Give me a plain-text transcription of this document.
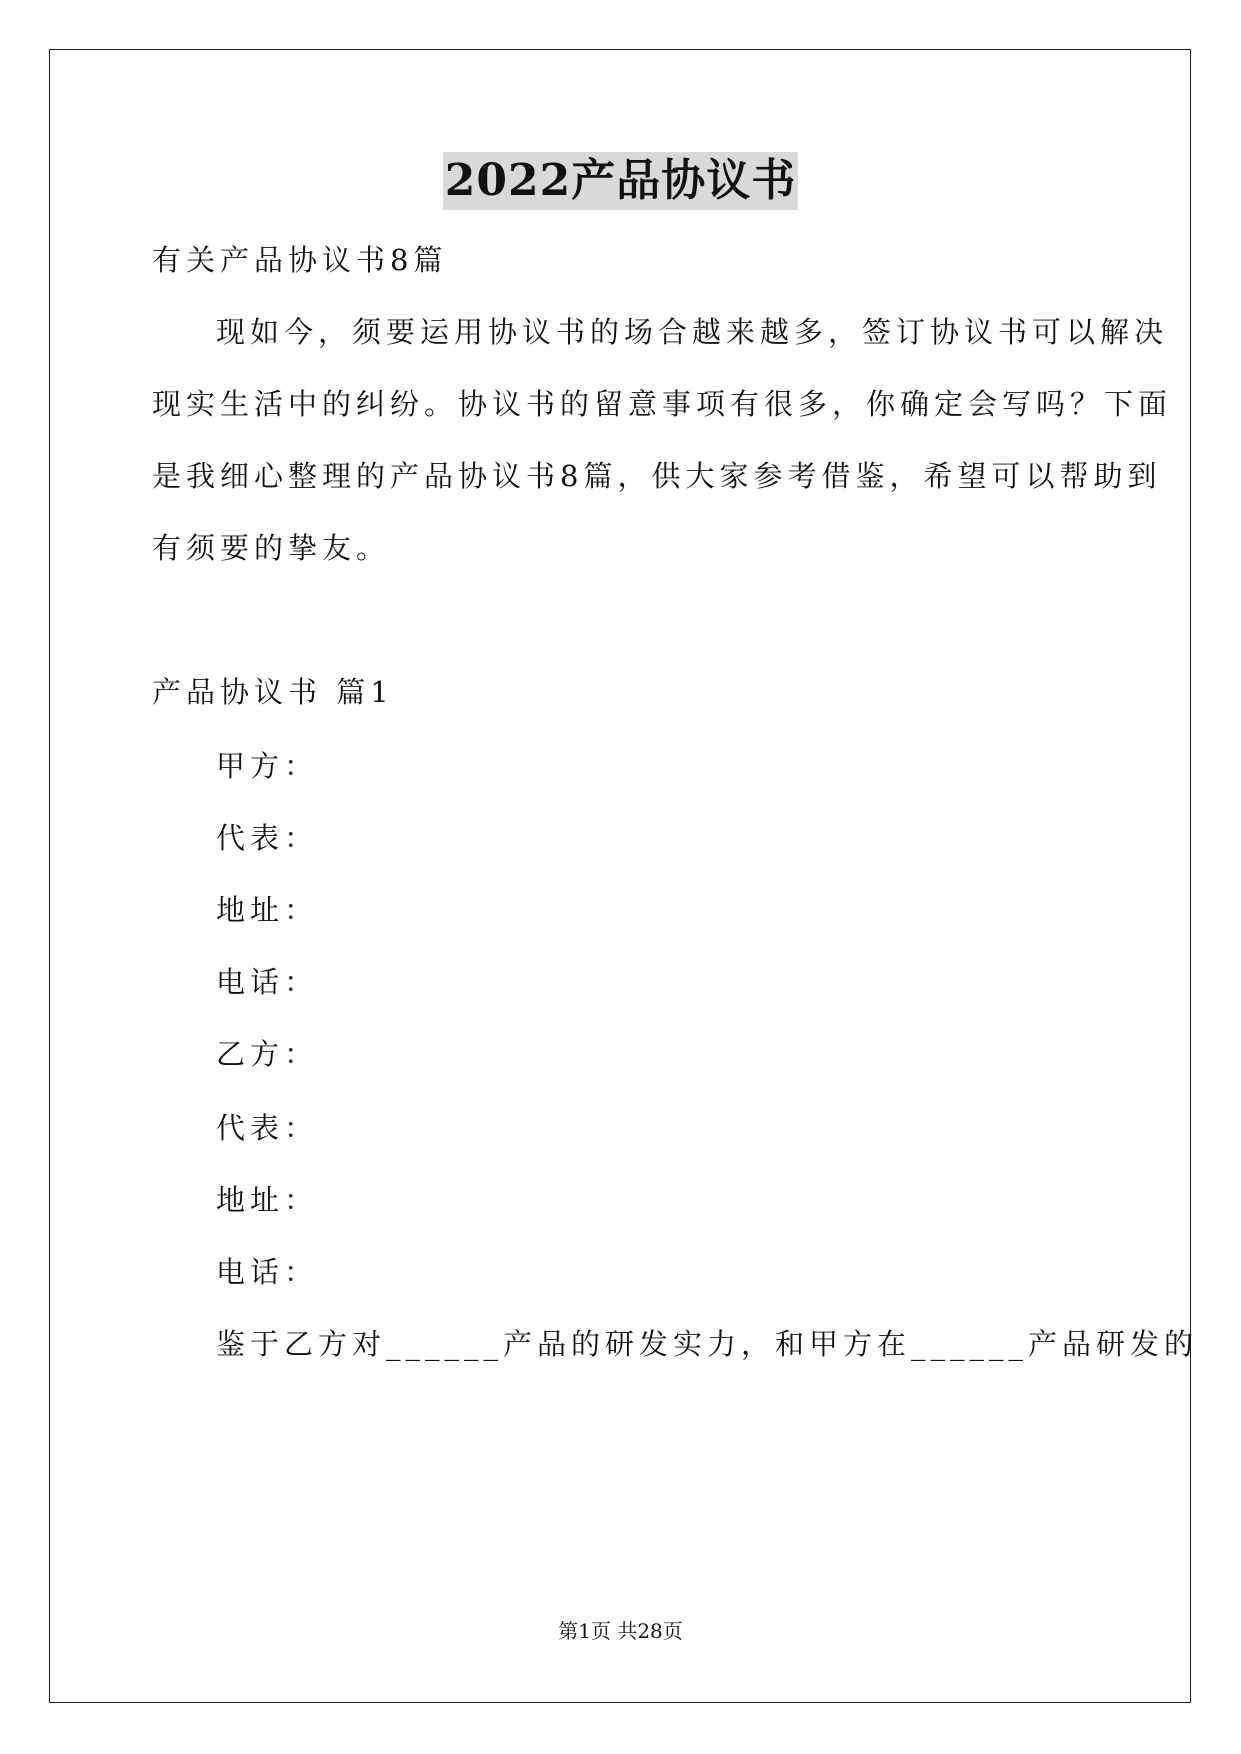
2022产品协议书
有关产品协议书8篇
现如今，须要运用协议书的场合越来越多，签订协议书可以解决
现实生活中的纠纷。协议书的留意事项有很多，你确定会写吗？下面
是我细心整理的产品协议书8篇，供大家参考借鉴，希望可以帮助到
有须要的挚友。
产品协议书 篇1
甲方：
代表：
地址：
电话：
乙方：
代表：
地址：
电话：
鉴于乙方对______产品的研发实力，和甲方在______产品研发的
第1页 共28页
